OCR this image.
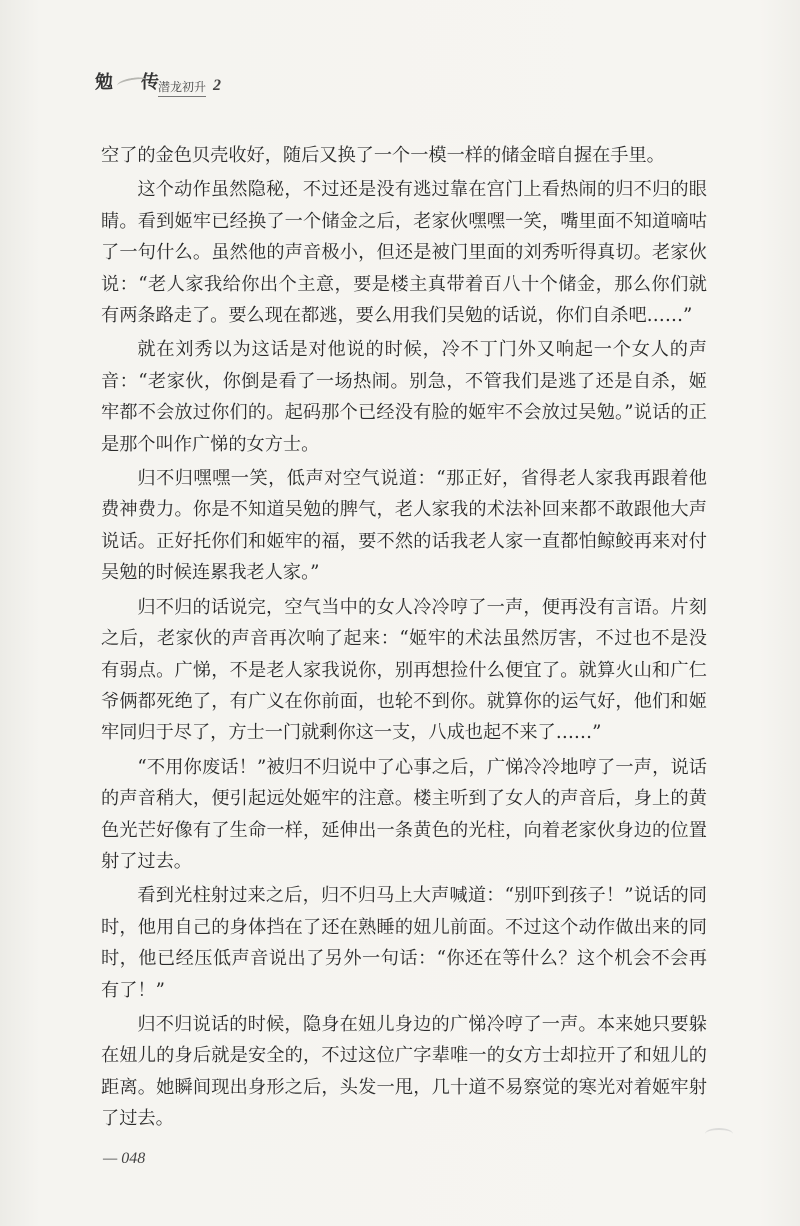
勉 传
潜龙初升 2

空了的金色贝壳收好，随后又换了一个一模一样的储金暗自握在手里。

这个动作虽然隐秘，不过还是没有逃过靠在宫门上看热闹的归不归的眼睛。看到姬牢已经换了一个储金之后，老家伙嘿嘿一笑，嘴里面不知道嘀咕了一句什么。虽然他的声音极小，但还是被门里面的刘秀听得真切。老家伙说：“老人家我给你出个主意，要是楼主真带着百八十个储金，那么你们就有两条路走了。要么现在都逃，要么用我们吴勉的话说，你们自杀吧……”

就在刘秀以为这话是对他说的时候，冷不丁门外又响起一个女人的声音：“老家伙，你倒是看了一场热闹。别急，不管我们是逃了还是自杀，姬牢都不会放过你们的。起码那个已经没有脸的姬牢不会放过吴勉。”说话的正是那个叫作广悌的女方士。

归不归嘿嘿一笑，低声对空气说道：“那正好，省得老人家我再跟着他费神费力。你是不知道吴勉的脾气，老人家我的术法补回来都不敢跟他大声说话。正好托你们和姬牢的福，要不然的话我老人家一直都怕鲸鲛再来对付吴勉的时候连累我老人家。”

归不归的话说完，空气当中的女人冷冷哼了一声，便再没有言语。片刻之后，老家伙的声音再次响了起来：“姬牢的术法虽然厉害，不过也不是没有弱点。广悌，不是老人家我说你，别再想捡什么便宜了。就算火山和广仁爷俩都死绝了，有广义在你前面，也轮不到你。就算你的运气好，他们和姬牢同归于尽了，方士一门就剩你这一支，八成也起不来了……”

“不用你废话！”被归不归说中了心事之后，广悌冷冷地哼了一声，说话的声音稍大，便引起远处姬牢的注意。楼主听到了女人的声音后，身上的黄色光芒好像有了生命一样，延伸出一条黄色的光柱，向着老家伙身边的位置射了过去。

看到光柱射过来之后，归不归马上大声喊道：“别吓到孩子！”说话的同时，他用自己的身体挡在了还在熟睡的妞儿前面。不过这个动作做出来的同时，他已经压低声音说出了另外一句话：“你还在等什么？这个机会不会再有了！”

归不归说话的时候，隐身在妞儿身边的广悌冷哼了一声。本来她只要躲在妞儿的身后就是安全的，不过这位广字辈唯一的女方士却拉开了和妞儿的距离。她瞬间现出身形之后，头发一甩，几十道不易察觉的寒光对着姬牢射了过去。

— 048
